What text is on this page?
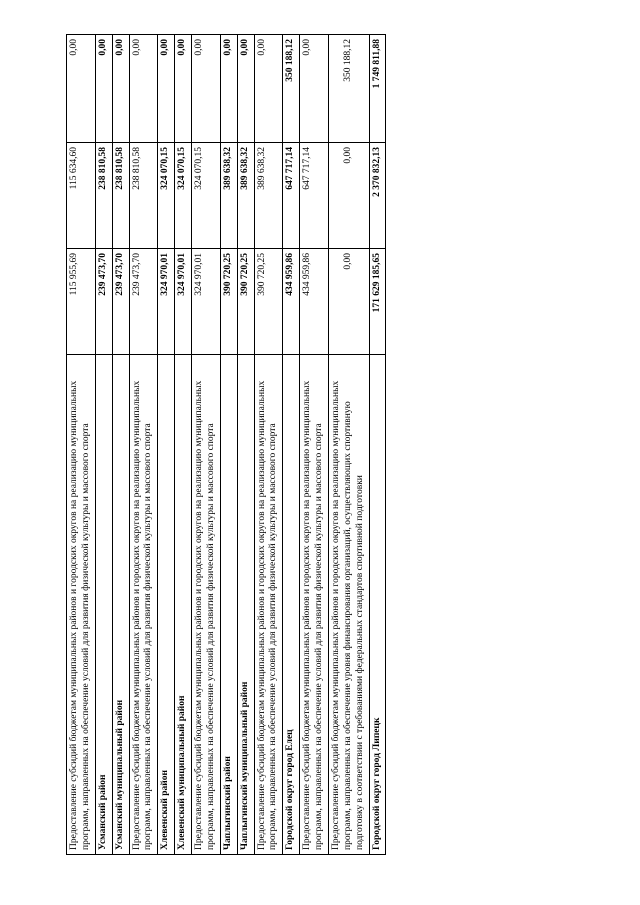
Предоставление субсидий бюджетам муниципальных районов и городских округов на реализацию муниципальных программ, направленных на обеспечение условий для развития физической культуры и массового спорта	115 955,69	115 634,60	0,00
Усманский район	239 473,70	238 810,58	0,00
Усманский муниципальный район	239 473,70	238 810,58	0,00
Предоставление субсидий бюджетам муниципальных районов и городских округов на реализацию муниципальных программ, направленных на обеспечение условий для развития физической культуры и массового спорта	239 473,70	238 810,58	0,00
Хлевенский район	324 970,01	324 070,15	0,00
Хлевенский муниципальный район	324 970,01	324 070,15	0,00
Предоставление субсидий бюджетам муниципальных районов и городских округов на реализацию муниципальных программ, направленных на обеспечение условий для развития физической культуры и массового спорта	324 970,01	324 070,15	0,00
Чаплыгинский район	390 720,25	389 638,32	0,00
Чаплыгинский муниципальный район	390 720,25	389 638,32	0,00
Предоставление субсидий бюджетам муниципальных районов и городских округов на реализацию муниципальных программ, направленных на обеспечение условий для развития физической культуры и массового спорта	390 720,25	389 638,32	0,00
Городской округ город Елец	434 959,86	647 717,14	350 188,12
Предоставление субсидий бюджетам муниципальных районов и городских округов на реализацию муниципальных программ, направленных на обеспечение условий для развития физической культуры и массового спорта	434 959,86	647 717,14	0,00
Предоставление субсидий бюджетам муниципальных районов и городских округов на реализацию муниципальных программ, направленных на обеспечение уровня финансирования организаций, осуществляющих спортивную подготовку в соответствии с требованиями федеральных стандартов спортивной подготовки	0,00	0,00	350 188,12
Городской округ город Липецк	171 629 185,65	2 370 832,13	1 749 811,88
